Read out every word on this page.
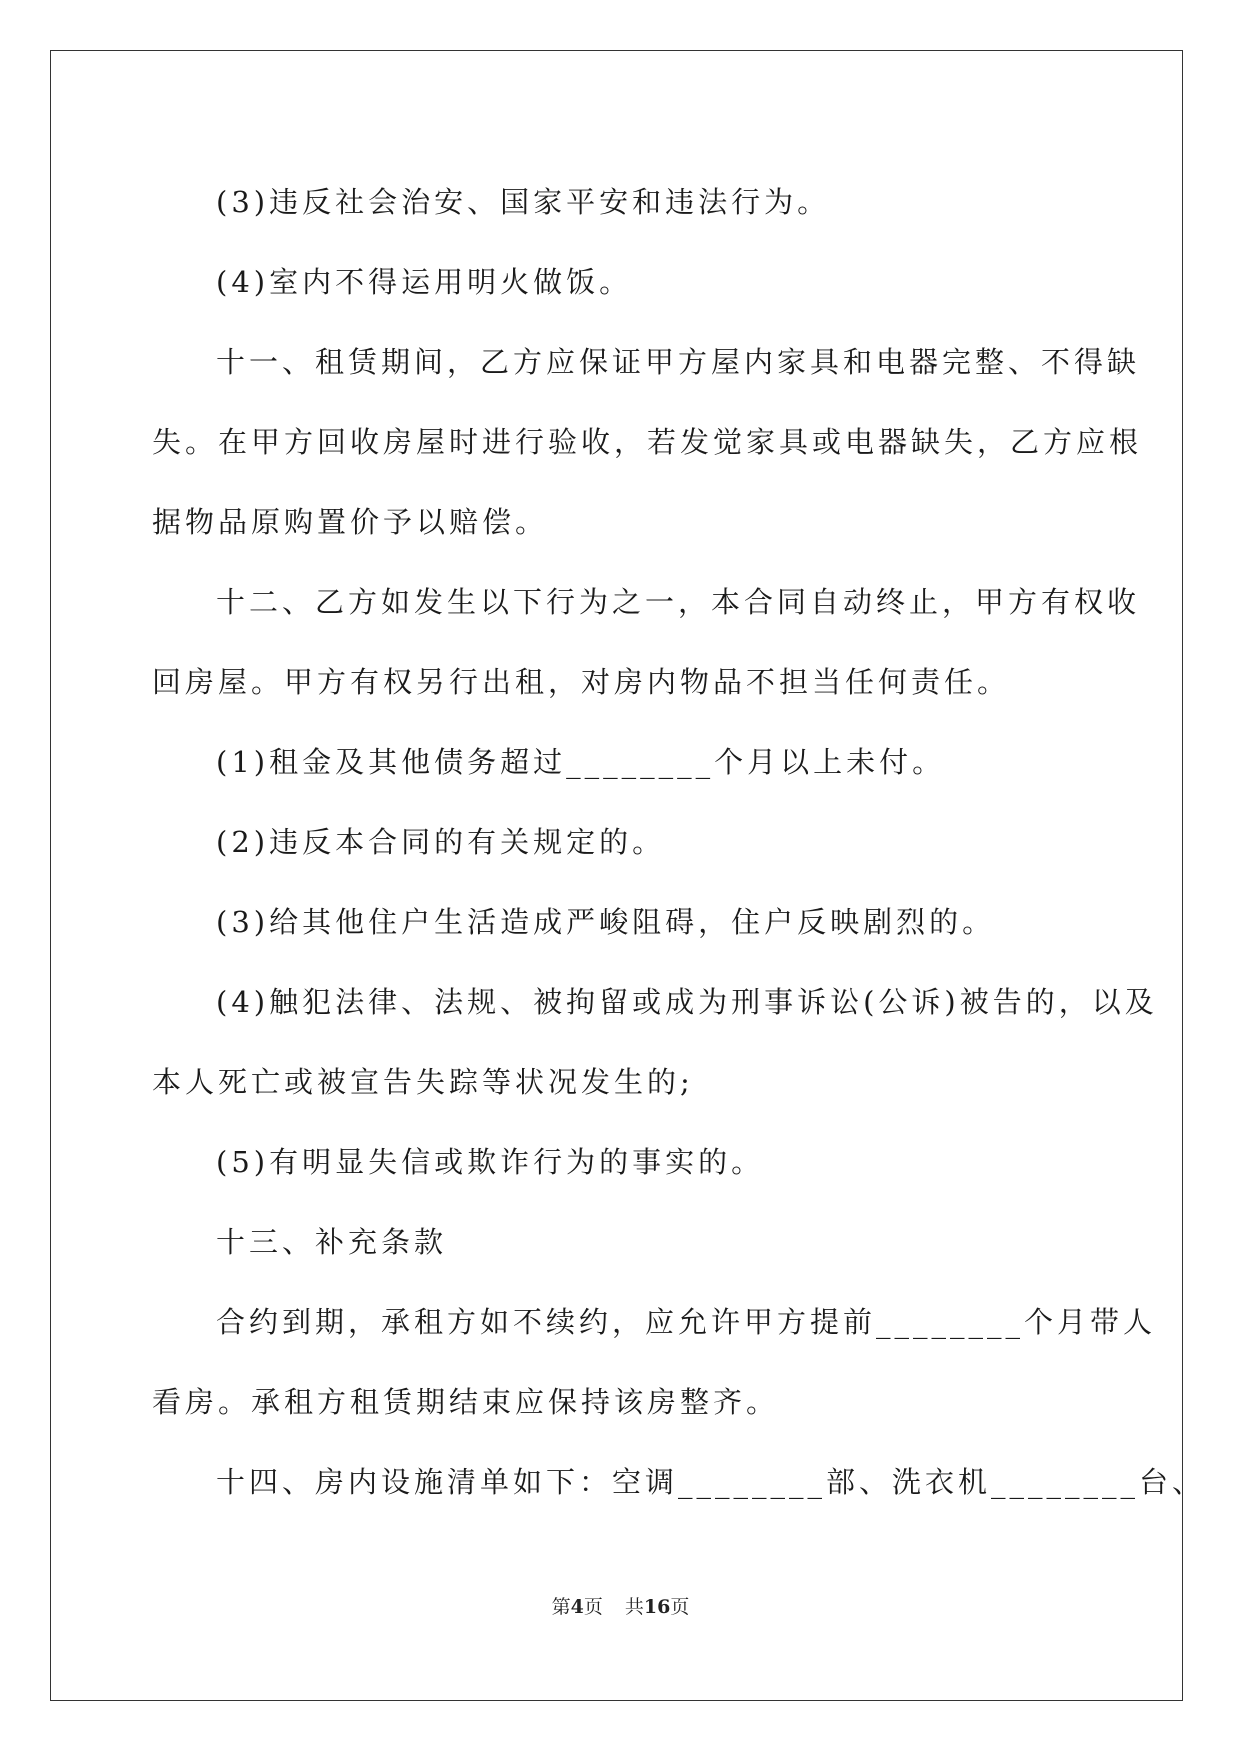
(3)违反社会治安、国家平安和违法行为。
(4)室内不得运用明火做饭。
十一、租赁期间，乙方应保证甲方屋内家具和电器完整、不得缺
失。在甲方回收房屋时进行验收，若发觉家具或电器缺失，乙方应根
据物品原购置价予以赔偿。
十二、乙方如发生以下行为之一，本合同自动终止，甲方有权收
回房屋。甲方有权另行出租，对房内物品不担当任何责任。
(1)租金及其他债务超过________个月以上未付。
(2)违反本合同的有关规定的。
(3)给其他住户生活造成严峻阻碍，住户反映剧烈的。
(4)触犯法律、法规、被拘留或成为刑事诉讼(公诉)被告的，以及
本人死亡或被宣告失踪等状况发生的;
(5)有明显失信或欺诈行为的事实的。
十三、补充条款
合约到期，承租方如不续约，应允许甲方提前________个月带人
看房。承租方租赁期结束应保持该房整齐。
十四、房内设施清单如下：空调________部、洗衣机________台、
第4页 共16页
